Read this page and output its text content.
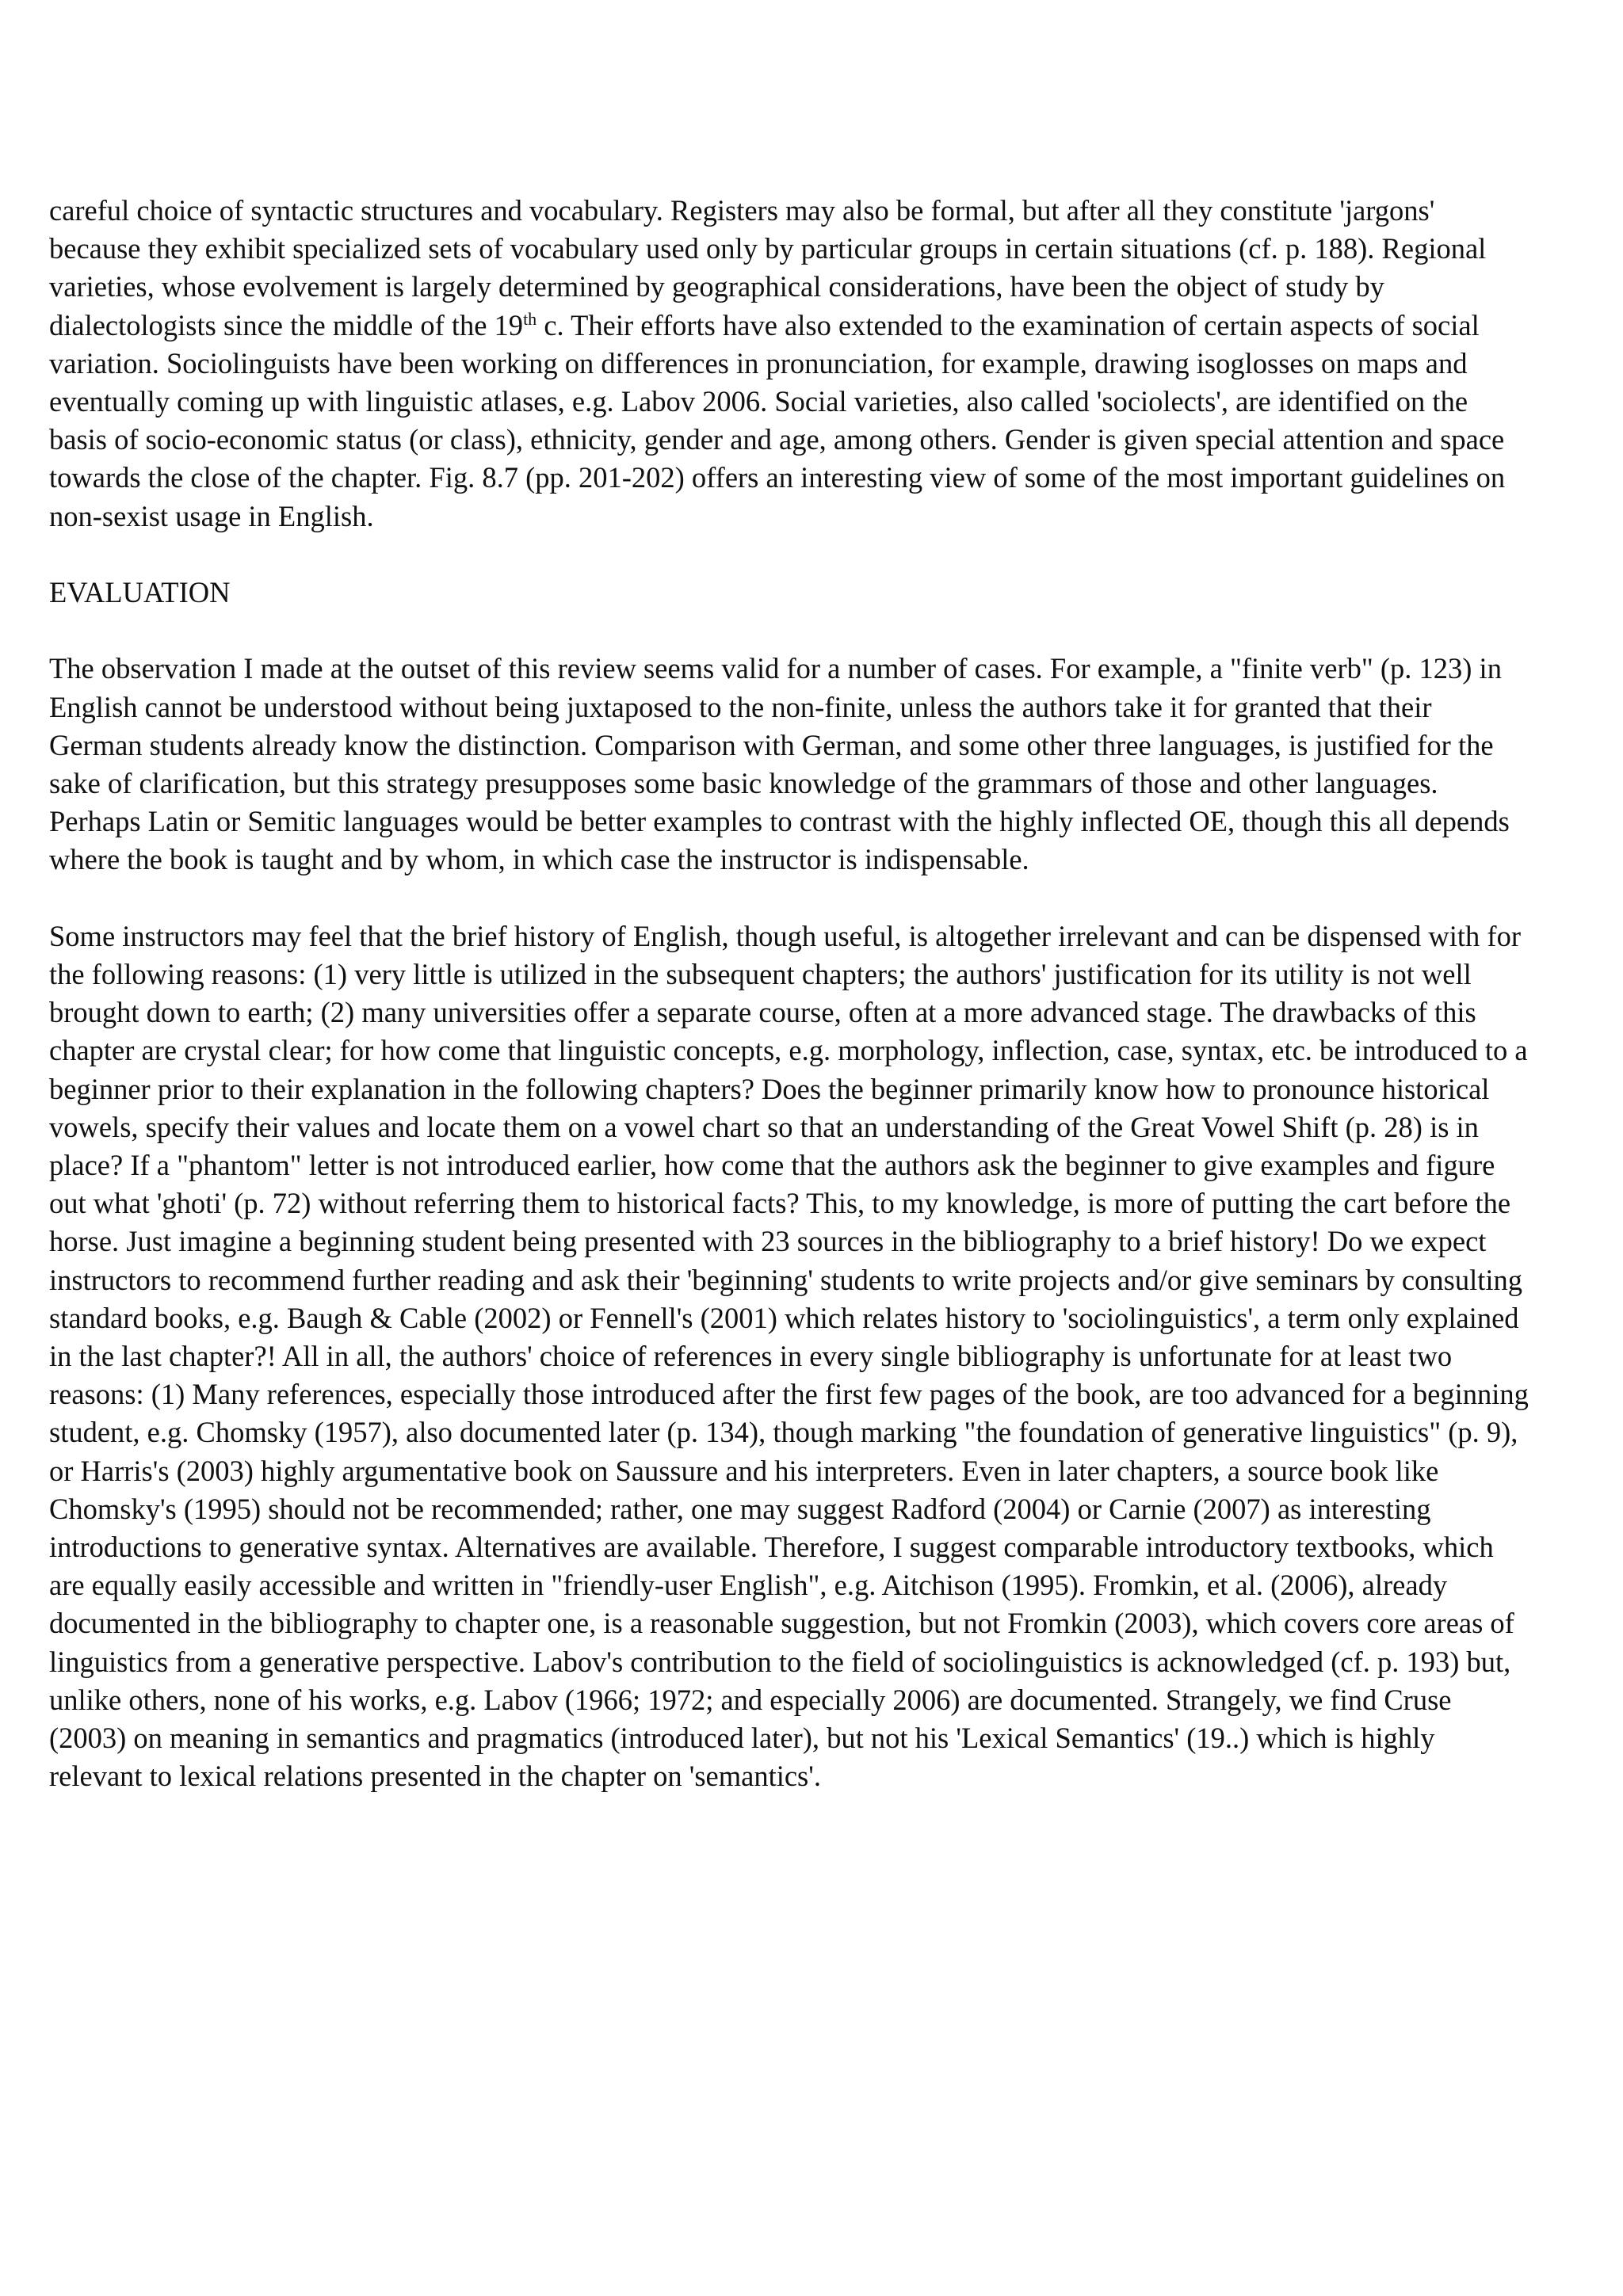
careful choice of syntactic structures and vocabulary. Registers may also be formal, but after all they constitute 'jargons' because they exhibit specialized sets of vocabulary used only by particular groups in certain situations (cf. p. 188). Regional varieties, whose evolvement is largely determined by geographical considerations, have been the object of study by dialectologists since the middle of the 19th c. Their efforts have also extended to the examination of certain aspects of social variation. Sociolinguists have been working on differences in pronunciation, for example, drawing isoglosses on maps and eventually coming up with linguistic atlases, e.g. Labov 2006. Social varieties, also called 'sociolects', are identified on the basis of socio-economic status (or class), ethnicity, gender and age, among others. Gender is given special attention and space towards the close of the chapter. Fig. 8.7 (pp. 201-202) offers an interesting view of some of the most important guidelines on non-sexist usage in English.

EVALUATION

The observation I made at the outset of this review seems valid for a number of cases. For example, a "finite verb" (p. 123) in English cannot be understood without being juxtaposed to the non-finite, unless the authors take it for granted that their German students already know the distinction. Comparison with German, and some other three languages, is justified for the sake of clarification, but this strategy presupposes some basic knowledge of the grammars of those and other languages. Perhaps Latin or Semitic languages would be better examples to contrast with the highly inflected OE, though this all depends where the book is taught and by whom, in which case the instructor is indispensable.

Some instructors may feel that the brief history of English, though useful, is altogether irrelevant and can be dispensed with for the following reasons: (1) very little is utilized in the subsequent chapters; the authors' justification for its utility is not well brought down to earth; (2) many universities offer a separate course, often at a more advanced stage. The drawbacks of this chapter are crystal clear; for how come that linguistic concepts, e.g. morphology, inflection, case, syntax, etc. be introduced to a beginner prior to their explanation in the following chapters? Does the beginner primarily know how to pronounce historical vowels, specify their values and locate them on a vowel chart so that an understanding of the Great Vowel Shift (p. 28) is in place? If a "phantom" letter is not introduced earlier, how come that the authors ask the beginner to give examples and figure out what 'ghoti' (p. 72) without referring them to historical facts? This, to my knowledge, is more of putting the cart before the horse. Just imagine a beginning student being presented with 23 sources in the bibliography to a brief history! Do we expect instructors to recommend further reading and ask their 'beginning' students to write projects and/or give seminars by consulting standard books, e.g. Baugh & Cable (2002) or Fennell's (2001) which relates history to 'sociolinguistics', a term only explained in the last chapter?! All in all, the authors' choice of references in every single bibliography is unfortunate for at least two reasons: (1) Many references, especially those introduced after the first few pages of the book, are too advanced for a beginning student, e.g. Chomsky (1957), also documented later (p. 134), though marking "the foundation of generative linguistics" (p. 9), or Harris's (2003) highly argumentative book on Saussure and his interpreters. Even in later chapters, a source book like Chomsky's (1995) should not be recommended; rather, one may suggest Radford (2004) or Carnie (2007) as interesting introductions to generative syntax. Alternatives are available. Therefore, I suggest comparable introductory textbooks, which are equally easily accessible and written in "friendly-user English", e.g. Aitchison (1995). Fromkin, et al. (2006), already documented in the bibliography to chapter one, is a reasonable suggestion, but not Fromkin (2003), which covers core areas of linguistics from a generative perspective. Labov's contribution to the field of sociolinguistics is acknowledged (cf. p. 193) but, unlike others, none of his works, e.g. Labov (1966; 1972; and especially 2006) are documented. Strangely, we find Cruse (2003) on meaning in semantics and pragmatics (introduced later), but not his 'Lexical Semantics' (19..) which is highly relevant to lexical relations presented in the chapter on 'semantics'.
